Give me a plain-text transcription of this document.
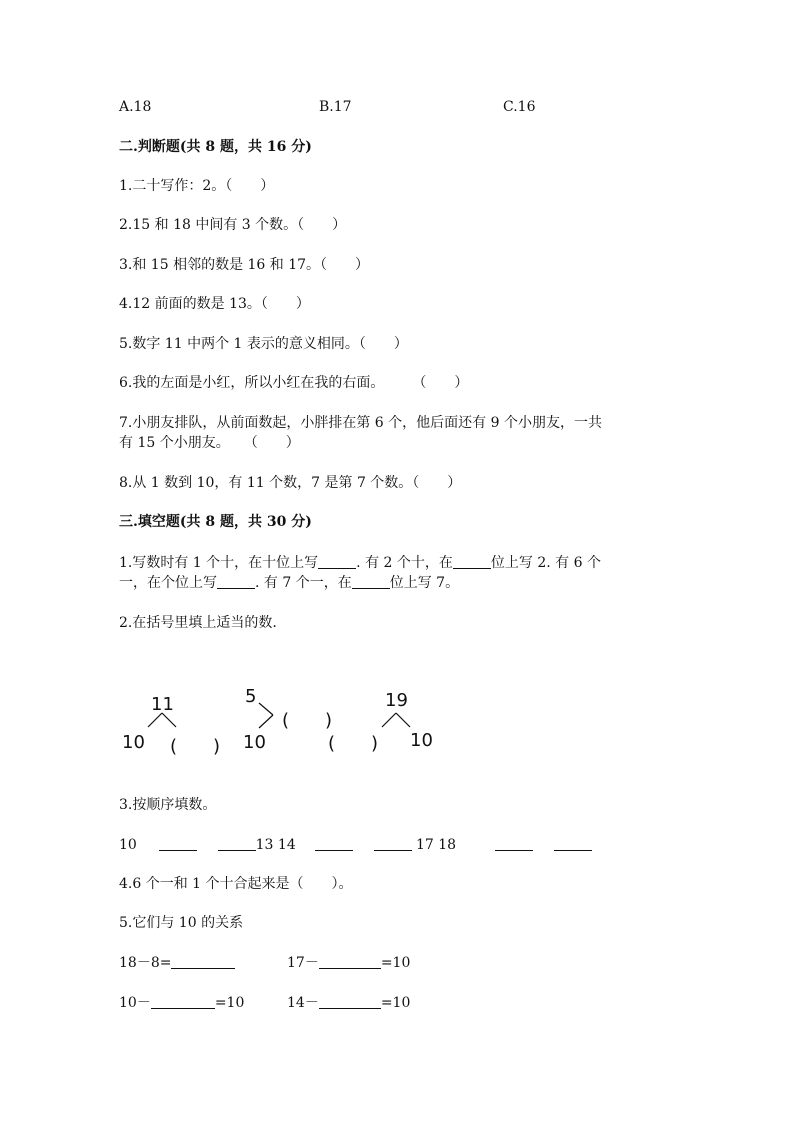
A.18	B.17	C.16
二.判断题(共 8 题，共 16 分)
1.二十写作：2。（　　）
2.15 和 18 中间有 3 个数。（　　）
3.和 15 相邻的数是 16 和 17。（　　）
4.12 前面的数是 13。（　　）
5.数字 11 中两个 1 表示的意义相同。（　　）
6.我的左面是小红，所以小红在我的右面。　　　（　　）
7.小朋友排队，从前面数起，小胖排在第 6 个，他后面还有 9 个小朋友，一共
有 15 个小朋友。　　（　　）
8.从 1 数到 10，有 11 个数，7 是第 7 个数。（　　）
三.填空题(共 8 题，共 30 分)
1.写数时有 1 个十，在十位上写	. 有 2 个十，在	位上写 2. 有 6 个
一，在个位上写	. 有 7 个一，在	位上写 7。
2.在括号里填上适当的数.
11
10 (　　)
5
10
(　　)
19
(　　) 10
3.按顺序填数。
10	13 14	17 18
4.6 个一和 1 个十合起来是（　　）。
5.它们与 10 的关系
18－8=	17－	=10
10－	=10	14－	=10
